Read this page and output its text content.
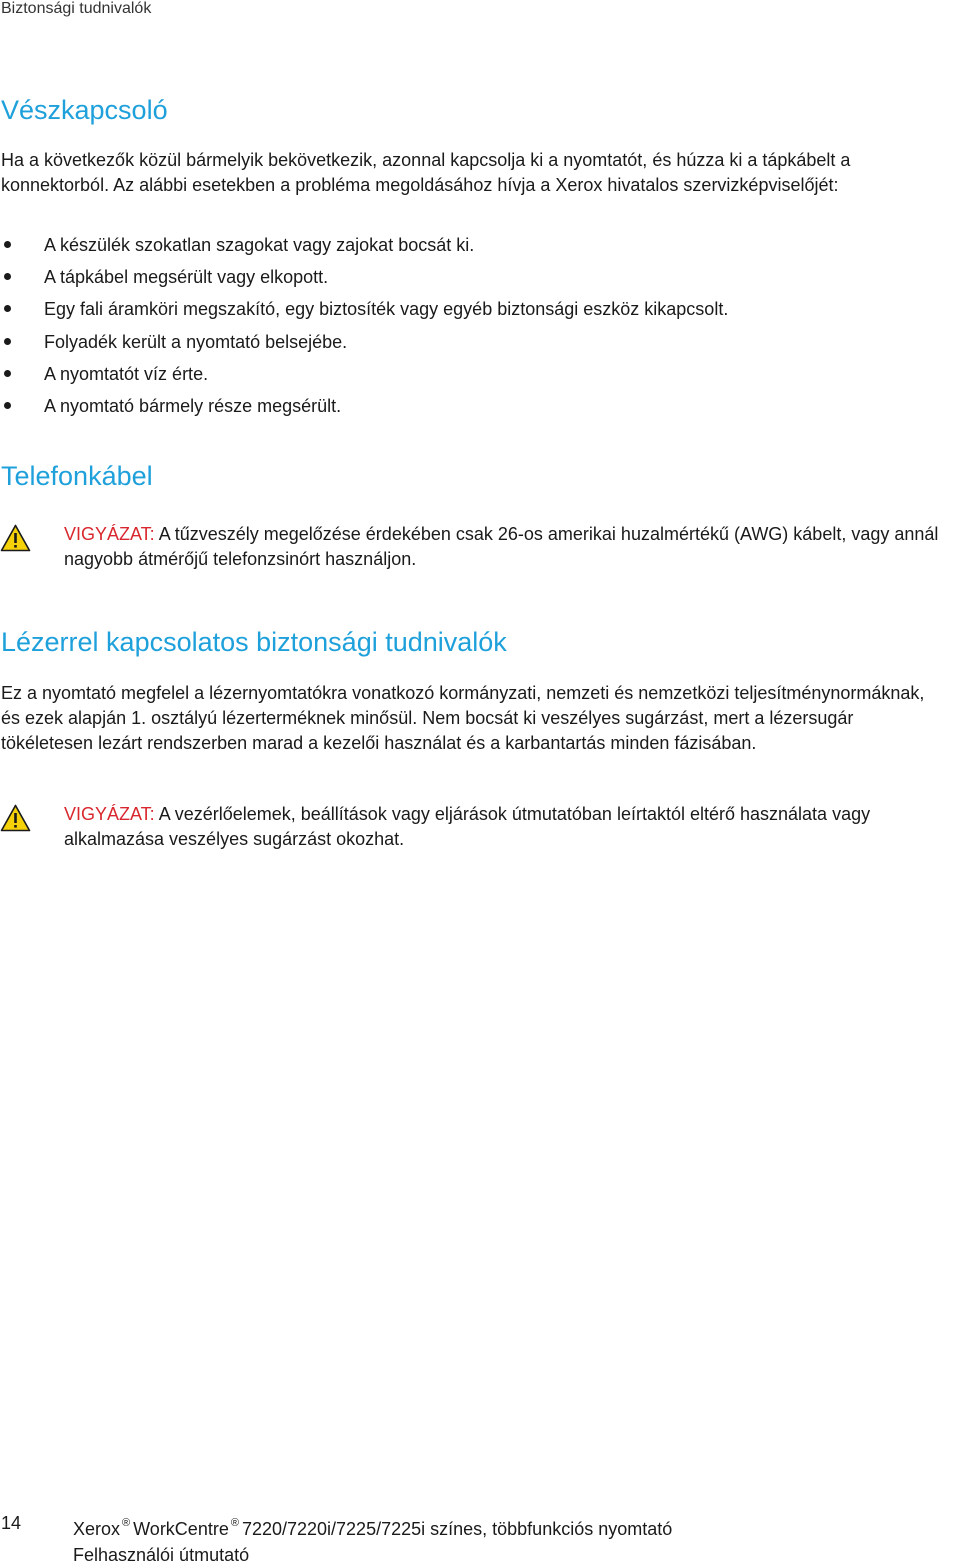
Biztonsági tudnivalók
Vészkapcsoló

Ha a következők közül bármelyik bekövetkezik, azonnal kapcsolja ki a nyomtatót, és húzza ki a tápkábelt a konnektorból. Az alábbi esetekben a probléma megoldásához hívja a Xerox hivatalos szervizképviselőjét:

A készülék szokatlan szagokat vagy zajokat bocsát ki.
A tápkábel megsérült vagy elkopott.
Egy fali áramköri megszakító, egy biztosíték vagy egyéb biztonsági eszköz kikapcsolt.
Folyadék került a nyomtató belsejébe.
A nyomtatót víz érte.
A nyomtató bármely része megsérült.
Telefonkábel

VIGYÁZAT: A tűzveszély megelőzése érdekében csak 26-os amerikai huzalmértékű (AWG) kábelt, vagy annál nagyobb átmérőjű telefonzsinórt használjon.

Lézerrel kapcsolatos biztonsági tudnivalók

Ez a nyomtató megfelel a lézernyomtatókra vonatkozó kormányzati, nemzeti és nemzetközi teljesítménynormáknak, és ezek alapján 1. osztályú lézerterméknek minősül. Nem bocsát ki veszélyes sugárzást, mert a lézersugár tökéletesen lezárt rendszerben marad a kezelői használat és a karbantartás minden fázisában.

VIGYÁZAT: A vezérlőelemek, beállítások vagy eljárások útmutatóban leírtaktól eltérő használata vagy alkalmazása veszélyes sugárzást okozhat.

14	Xerox ® WorkCentre ® 7220/7220i/7225/7225i színes, többfunkciós nyomtató
Felhasználói útmutató
